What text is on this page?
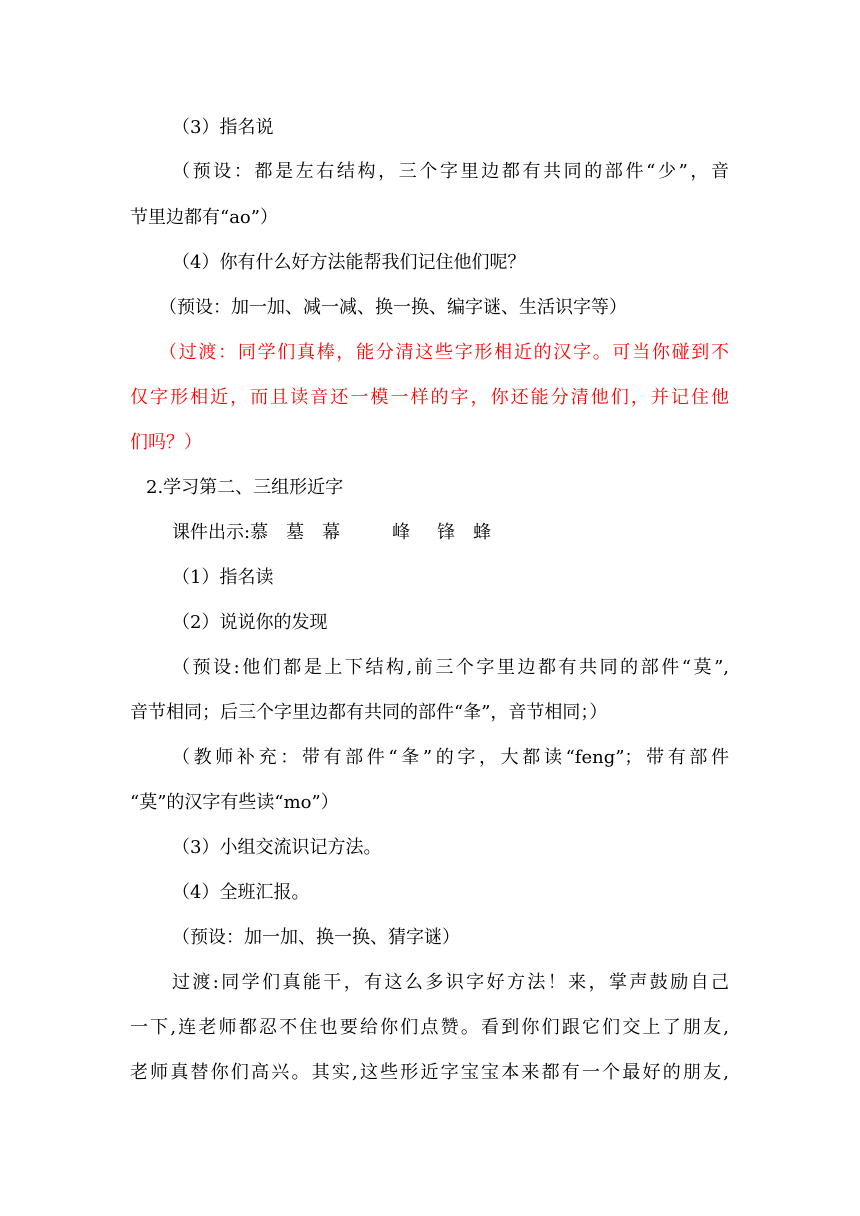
（3）指名说
（预设：都是左右结构，三个字里边都有共同的部件“少”，音
节里边都有“ao”）
（4）你有什么好方法能帮我们记住他们呢？
（预设：加一加、减一减、换一换、编字谜、生活识字等）
（过渡：同学们真棒，能分清这些字形相近的汉字。可当你碰到不
仅字形相近，而且读音还一模一样的字，你还能分清他们，并记住他
们吗？）
2.学习第二、三组形近字
课件出示:慕 墓 幕	峰 锋 蜂
（1）指名读
（2）说说你的发现
（预设:他们都是上下结构,前三个字里边都有共同的部件“莫”,
音节相同；后三个字里边都有共同的部件“夆”，音节相同；）
（教师补充：带有部件“夆”的字，大都读“feng”；带有部件
“莫”的汉字有些读“mo”）
（3）小组交流识记方法。
（4）全班汇报。
（预设：加一加、换一换、猜字谜）
过渡:同学们真能干，有这么多识字好方法！来，掌声鼓励自己
一下,连老师都忍不住也要给你们点赞。看到你们跟它们交上了朋友,
老师真替你们高兴。其实,这些形近字宝宝本来都有一个最好的朋友,
